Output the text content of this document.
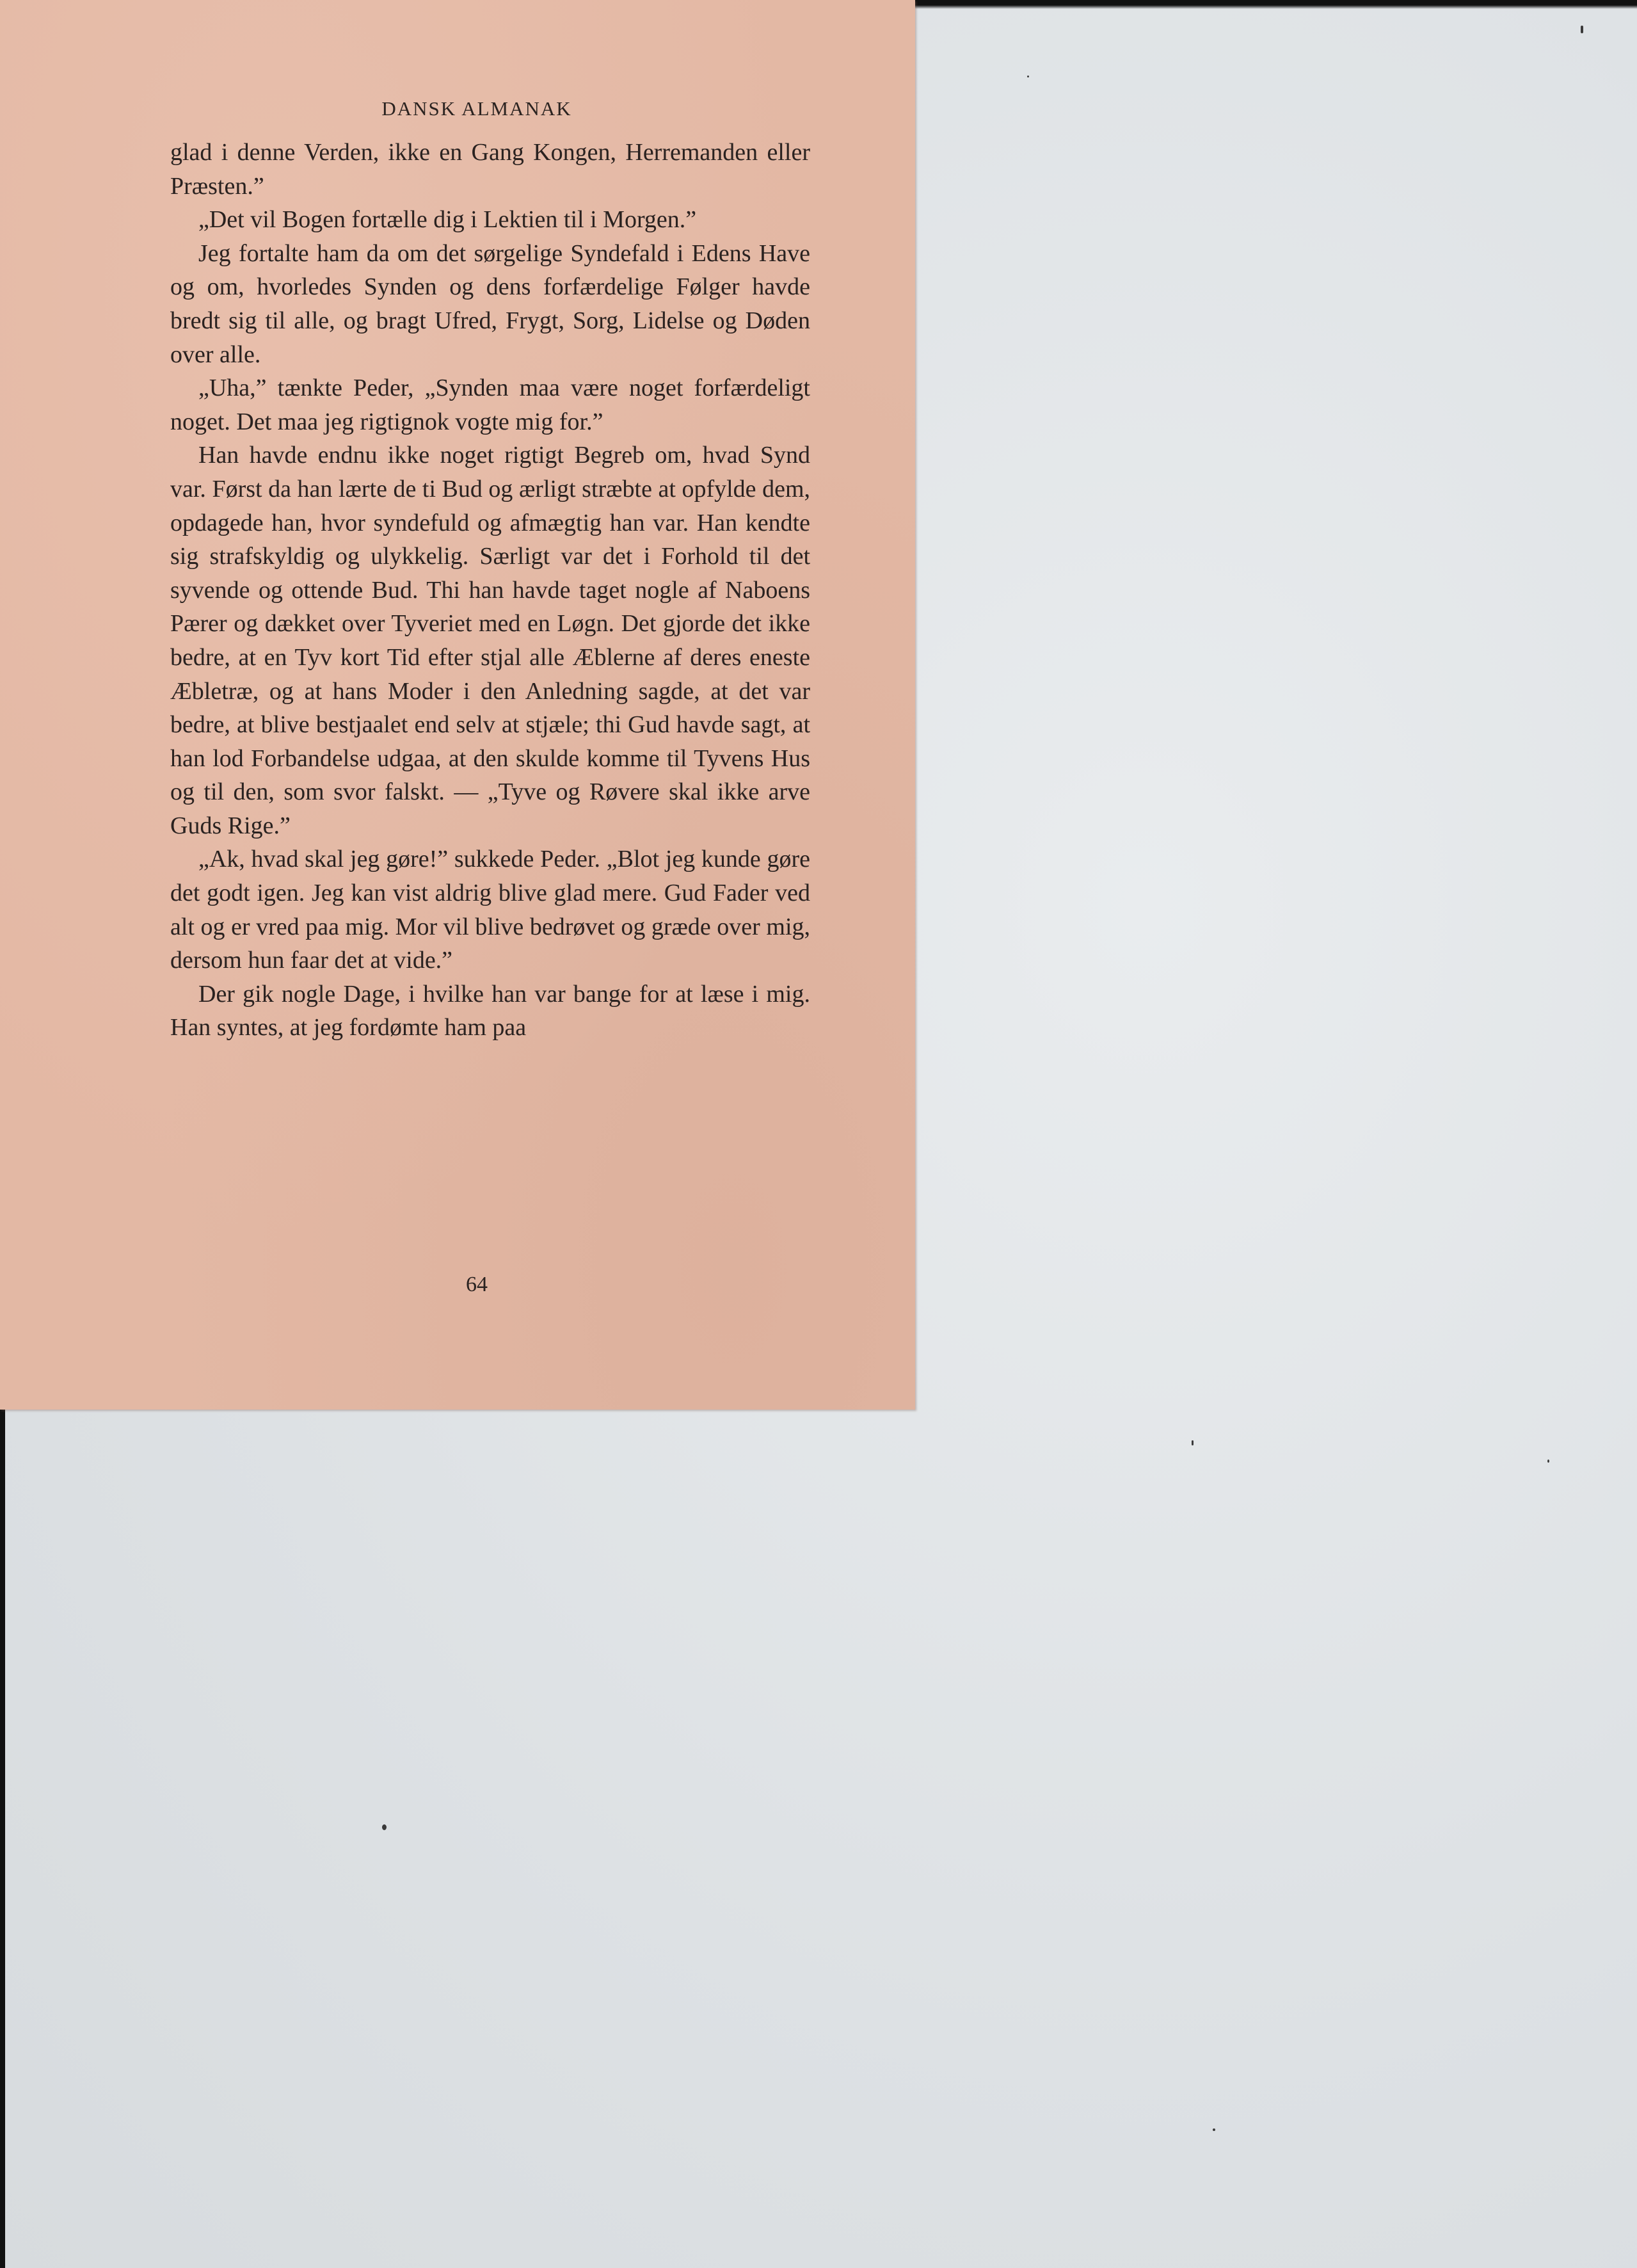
DANSK ALMANAK

glad i denne Verden, ikke en Gang Kongen, Herremanden eller Præsten.”

„Det vil Bogen fortælle dig i Lektien til i Morgen.”

Jeg fortalte ham da om det sørgelige Syndefald i Edens Have og om, hvorledes Synden og dens forfærdelige Følger havde bredt sig til alle, og bragt Ufred, Frygt, Sorg, Lidelse og Døden over alle.

„Uha,” tænkte Peder, „Synden maa være noget forfærdeligt noget. Det maa jeg rigtignok vogte mig for.”

Han havde endnu ikke noget rigtigt Begreb om, hvad Synd var. Først da han lærte de ti Bud og ærligt stræbte at opfylde dem, opdagede han, hvor syndefuld og afmægtig han var. Han kendte sig strafskyldig og ulykkelig. Særligt var det i Forhold til det syvende og ottende Bud. Thi han havde taget nogle af Naboens Pærer og dækket over Tyveriet med en Løgn. Det gjorde det ikke bedre, at en Tyv kort Tid efter stjal alle Æblerne af deres eneste Æbletræ, og at hans Moder i den Anledning sagde, at det var bedre, at blive bestjaalet end selv at stjæle; thi Gud havde sagt, at han lod Forbandelse udgaa, at den skulde komme til Tyvens Hus og til den, som svor falskt. — „Tyve og Røvere skal ikke arve Guds Rige.”

„Ak, hvad skal jeg gøre!” sukkede Peder. „Blot jeg kunde gøre det godt igen. Jeg kan vist aldrig blive glad mere. Gud Fader ved alt og er vred paa mig. Mor vil blive bedrøvet og græde over mig, dersom hun faar det at vide.”

Der gik nogle Dage, i hvilke han var bange for at læse i mig. Han syntes, at jeg fordømte ham paa

64
